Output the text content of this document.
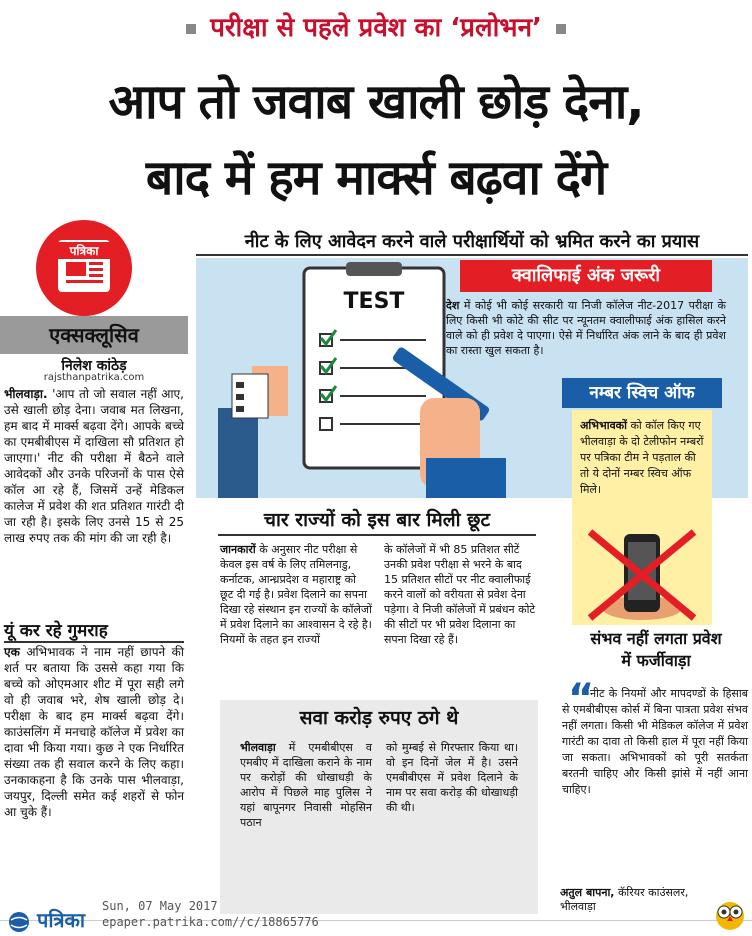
परीक्षा से पहले प्रवेश का ‘प्रलोभन’
आप तो जवाब खाली छोड़ देना,
बाद में हम मार्क्स बढ़वा देंगे
नीट के लिए आवेदन करने वाले परीक्षार्थियों को भ्रमित करने का प्रयास
पत्रिका
एक्सक्लूसिव
निलेश कांठेड़
rajsthanpatrika.com
भीलवाड़ा. 'आप तो जो सवाल नहीं आए, उसे खाली छोड़ देना। जवाब मत लिखना, हम बाद में मार्क्स बढ़वा देंगे। आपके बच्चे का एमबीबीएस में दाखिला सौ प्रतिशत हो जाएगा।' नीट की परीक्षा में बैठने वाले आवेदकों और उनके परिजनों के पास ऐसे कॉल आ रहे हैं, जिसमें उन्हें मेडिकल कालेज में प्रवेश की शत प्रतिशत गारंटी दी जा रही है। इसके लिए उनसे 15 से 25 लाख रुपए तक की मांग की जा रही है।
यूं कर रहे गुमराह
एक अभिभावक ने नाम नहीं छापने की शर्त पर बताया कि उससे कहा गया कि बच्चे को ओएमआर शीट में पूरा सही लगे वो ही जवाब भरे, शेष खाली छोड़ दे। परीक्षा के बाद हम मार्क्स बढ़वा देंगे। काउंसलिंग में मनचाहे कॉलेज में प्रवेश का दावा भी किया गया। कुछ ने एक निर्धारित संख्या तक ही सवाल करने के लिए कहा। उनकाकहना है कि उनके पास भीलवाड़ा, जयपुर, दिल्ली समेत कई शहरों से फोन आ चुके हैं।
TEST
क्वालिफाई अंक जरूरी
देश में कोई भी कोई सरकारी या निजी कॉलेज नीट-2017 परीक्षा के लिए किसी भी कोटे की सीट पर न्यूनतम क्वालीफाई अंक हासिल करने वाले को ही प्रवेश दे पाएगा। ऐसे में निर्धारित अंक लाने के बाद ही प्रवेश का रास्ता खुल सकता है।
नम्बर स्विच ऑफ
अभिभावकों को कॉल किए गए भीलवाड़ा के दो टेलीफोन नम्बरों पर पत्रिका टीम ने पड़ताल की तो ये दोनों नम्बर स्विच ऑफ मिले।
चार राज्यों को इस बार मिली छूट
जानकारों के अनुसार नीट परीक्षा से केवल इस वर्ष के लिए तमिलनाडु, कर्नाटक, आन्ध्रप्रदेश व महाराष्ट्र को छूट दी गई है। प्रवेश दिलाने का सपना दिखा रहे संस्थान इन राज्यों के कॉलेजों में प्रवेश दिलाने का आश्वासन दे रहे है। नियमों के तहत इन राज्यों
के कॉलेजों में भी 85 प्रतिशत सीटें उनकी प्रवेश परीक्षा से भरने के बाद 15 प्रतिशत सीटों पर नीट क्वालीफाई करने वालों को वरीयता से प्रवेश देना पड़ेगा। वे निजी कॉलेजों में प्रबंधन कोटे की सीटों पर भी प्रवेश दिलाना का सपना दिखा रहे हैं।
सवा करोड़ रुपए ठगे थे
भीलवाड़ा में एमबीबीएस व एमबीए में दाखिला कराने के नाम पर करोड़ों की धोखाधड़ी के आरोप में पिछले माह पुलिस ने यहां बापूनगर निवासी मोहसिन पठान
को मुम्बई से गिरफ्तार किया था। वो इन दिनों जेल में है। उसने एमबीबीएस में प्रवेश दिलाने के नाम पर सवा करोड़ की धोखाधड़ी की थी।
संभव नहीं लगता प्रवेश
में फर्जीवाड़ा
“
नीट के नियमों और मापदण्डों के हिसाब से एमबीबीएस कोर्स में बिना पात्रता प्रवेश संभव नहीं लगता। किसी भी मेडिकल कॉलेज में प्रवेश गारंटी का दावा तो किसी हाल में पूरा नहीं किया जा सकता। अभिभावकों को पूरी सतर्कता बरतनी चाहिए और किसी झांसे में नहीं आना चाहिए।
अतुल बापना, कॅरियर काउंसलर,
भीलवाड़ा
पत्रिका
Sun, 07 May 2017
epaper.patrika.com//c/18865776
